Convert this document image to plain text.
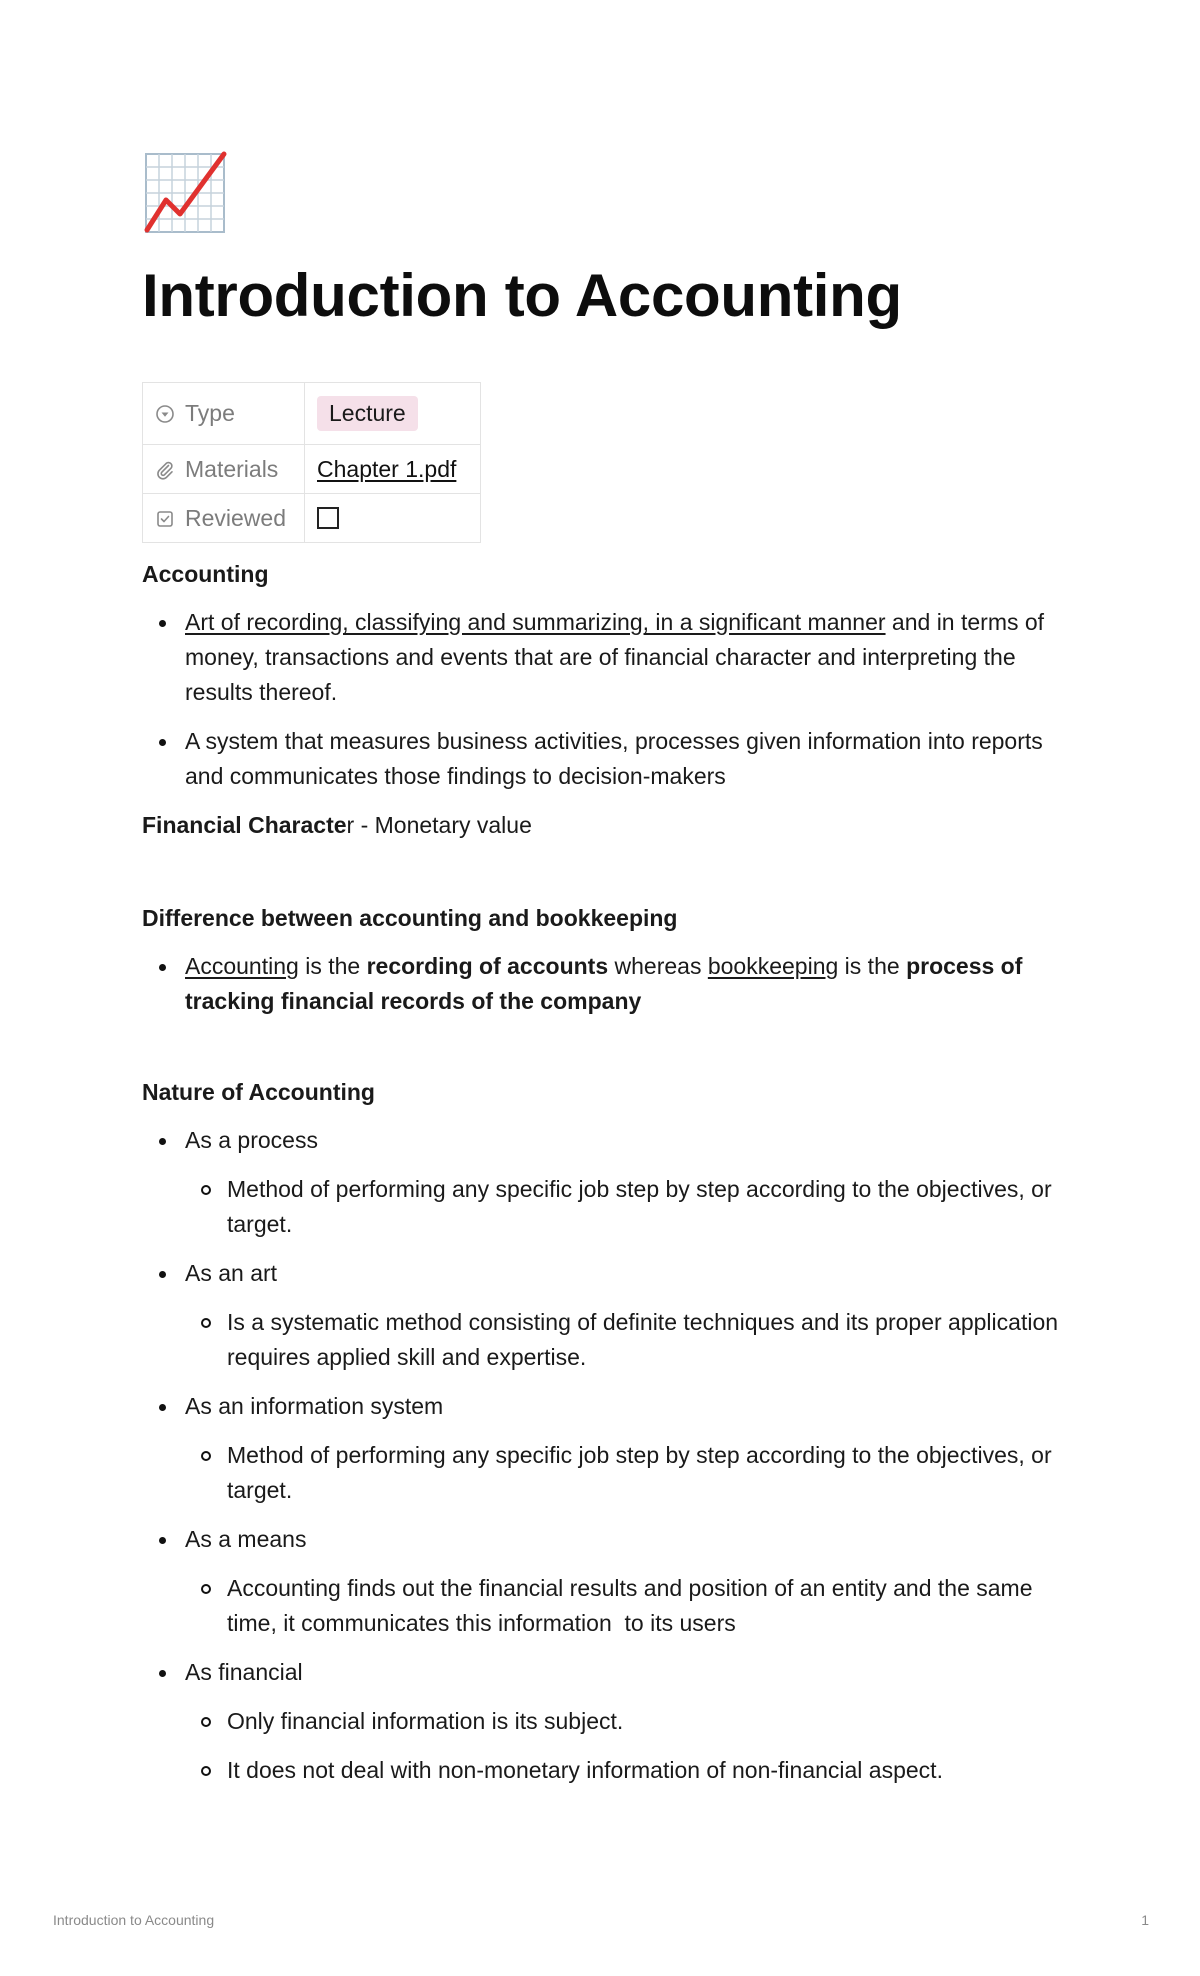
Introduction to Accounting
Type	Lecture
Materials	Chapter 1.pdf
Reviewed	

Accounting

Art of recording, classifying and summarizing, in a significant manner and in terms of money, transactions and events that are of financial character and interpreting the results thereof.
A system that measures business activities, processes given information into reports and communicates those findings to decision-makers

Financial Character - Monetary value

Difference between accounting and bookkeeping

Accounting is the recording of accounts whereas bookkeeping is the process of tracking financial records of the company

Nature of Accounting

As a process
Method of performing any specific job step by step according to the objectives, or target.
As an art
Is a systematic method consisting of definite techniques and its proper application requires applied skill and expertise.
As an information system
Method of performing any specific job step by step according to the objectives, or target.
As a means
Accounting finds out the financial results and position of an entity and the same time, it communicates this information  to its users
As financial
Only financial information is its subject.
It does not deal with non-monetary information of non-financial aspect.
Introduction to Accounting	1
